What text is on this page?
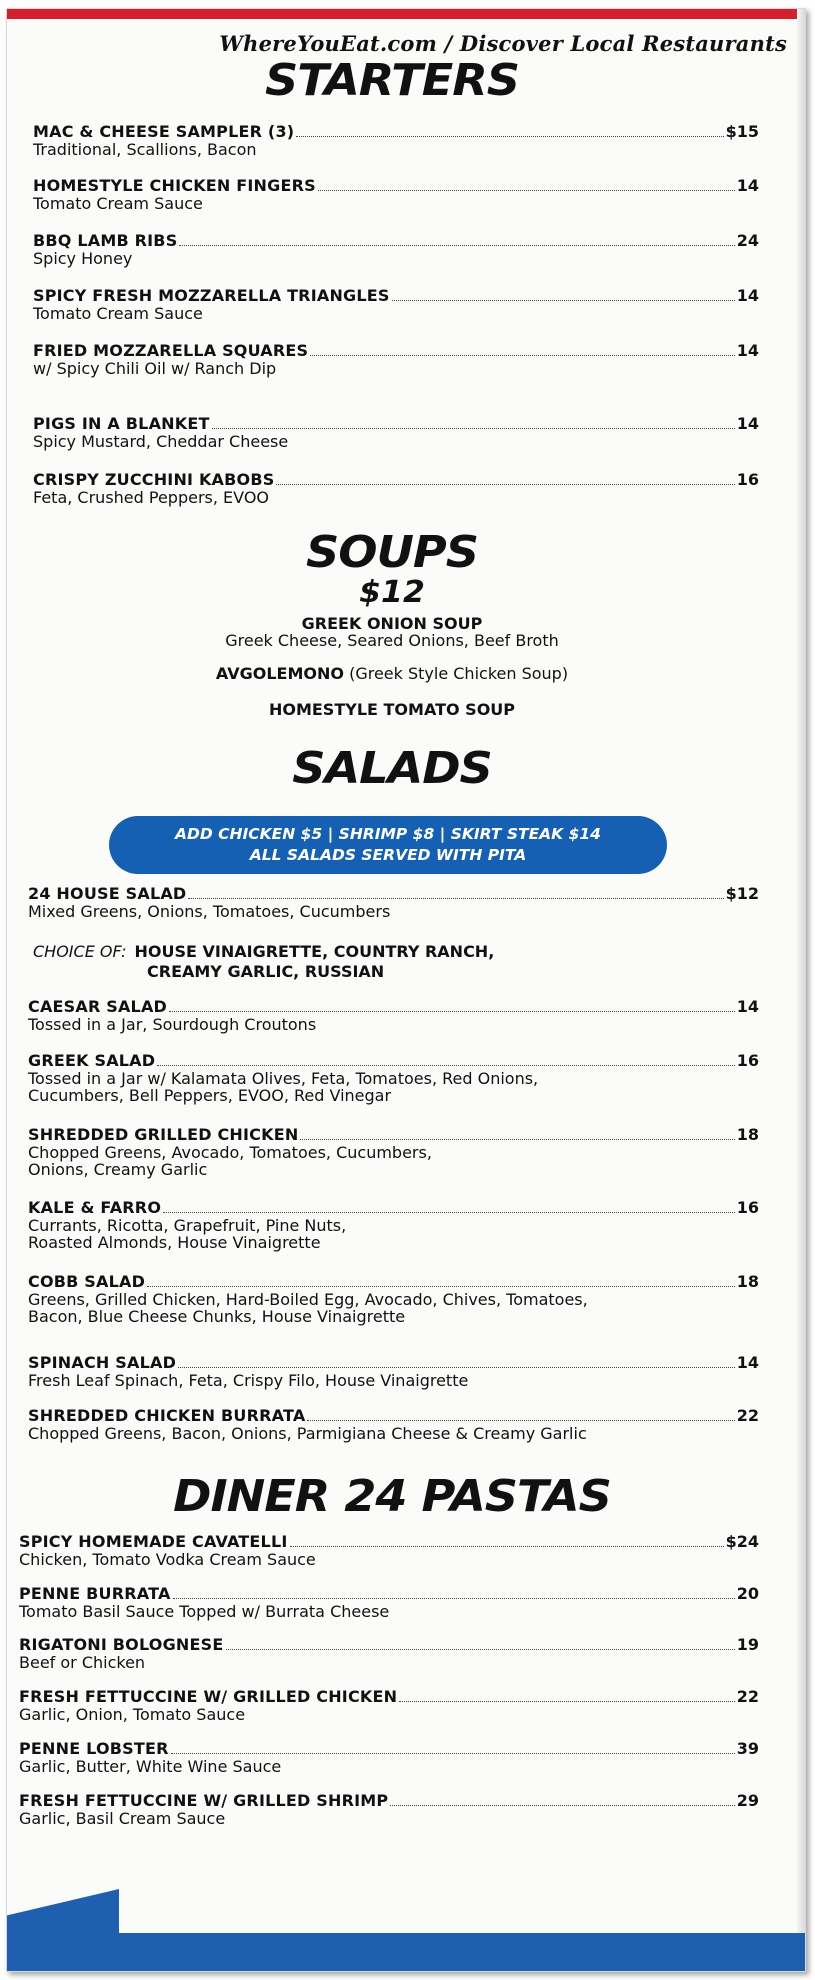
WhereYouEat.com / Discover Local Restaurants
STARTERS
MAC & CHEESE SAMPLER (3)	$15
Traditional, Scallions, Bacon
HOMESTYLE CHICKEN FINGERS	14
Tomato Cream Sauce
BBQ LAMB RIBS	24
Spicy Honey
SPICY FRESH MOZZARELLA TRIANGLES	14
Tomato Cream Sauce
FRIED MOZZARELLA SQUARES	14
w/ Spicy Chili Oil w/ Ranch Dip
PIGS IN A BLANKET	14
Spicy Mustard, Cheddar Cheese
CRISPY ZUCCHINI KABOBS	16
Feta, Crushed Peppers, EVOO
SOUPS
$12
GREEK ONION SOUP
Greek Cheese, Seared Onions, Beef Broth
AVGOLEMONO (Greek Style Chicken Soup)
HOMESTYLE TOMATO SOUP
SALADS
ADD CHICKEN $5 | SHRIMP $8 | SKIRT STEAK $14
ALL SALADS SERVED WITH PITA
CHOICE OF: HOUSE VINAIGRETTE, COUNTRY RANCH,
CREAMY GARLIC, RUSSIAN
24 HOUSE SALAD	$12
Mixed Greens, Onions, Tomatoes, Cucumbers
CAESAR SALAD	14
Tossed in a Jar, Sourdough Croutons
GREEK SALAD	16
Tossed in a Jar w/ Kalamata Olives, Feta, Tomatoes, Red Onions,
Cucumbers, Bell Peppers, EVOO, Red Vinegar
SHREDDED GRILLED CHICKEN	18
Chopped Greens, Avocado, Tomatoes, Cucumbers,
Onions, Creamy Garlic
KALE & FARRO	16
Currants, Ricotta, Grapefruit, Pine Nuts,
Roasted Almonds, House Vinaigrette
COBB SALAD	18
Greens, Grilled Chicken, Hard-Boiled Egg, Avocado, Chives, Tomatoes,
Bacon, Blue Cheese Chunks, House Vinaigrette
SPINACH SALAD	14
Fresh Leaf Spinach, Feta, Crispy Filo, House Vinaigrette
SHREDDED CHICKEN BURRATA	22
Chopped Greens, Bacon, Onions, Parmigiana Cheese & Creamy Garlic
DINER 24 PASTAS
SPICY HOMEMADE CAVATELLI	$24
Chicken, Tomato Vodka Cream Sauce
PENNE BURRATA	20
Tomato Basil Sauce Topped w/ Burrata Cheese
RIGATONI BOLOGNESE	19
Beef or Chicken
FRESH FETTUCCINE W/ GRILLED CHICKEN	22
Garlic, Onion, Tomato Sauce
PENNE LOBSTER	39
Garlic, Butter, White Wine Sauce
FRESH FETTUCCINE W/ GRILLED SHRIMP	29
Garlic, Basil Cream Sauce
